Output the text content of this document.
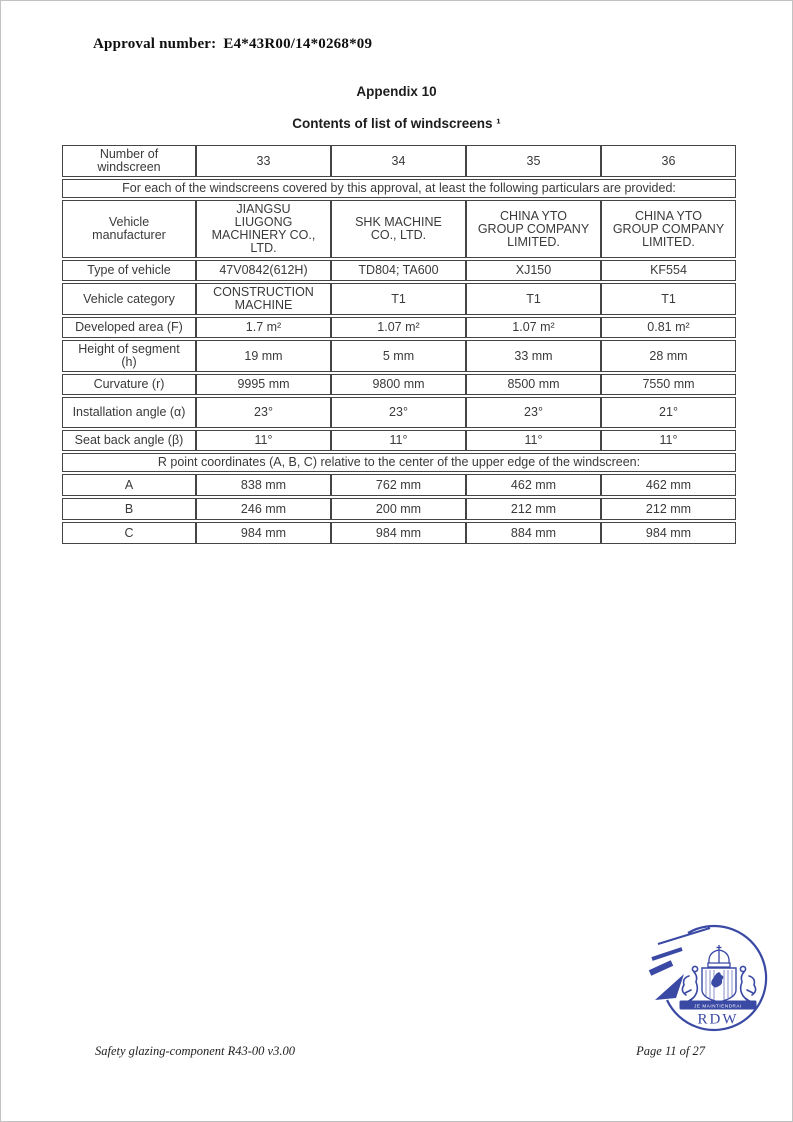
Approval number: E4*43R00/14*0268*09
Appendix 10
Contents of list of windscreens ¹
Number of windscreen	33	34	35	36
For each of the windscreens covered by this approval, at least the following particulars are provided:				
Vehicle manufacturer	JIANGSU LIUGONG MACHINERY CO., LTD.	SHK MACHINE CO., LTD.	CHINA YTO GROUP COMPANY LIMITED.	CHINA YTO GROUP COMPANY LIMITED.
Type of vehicle	47V0842(612H)	TD804; TA600	XJ150	KF554
Vehicle category	CONSTRUCTION MACHINE	T1	T1	T1
Developed area (F)	1.7 m²	1.07 m²	1.07 m²	0.81 m²
Height of segment (h)	19 mm	5 mm	33 mm	28 mm
Curvature (r)	9995 mm	9800 mm	8500 mm	7550 mm
Installation angle (α)	23°	23°	23°	21°
Seat back angle (β)	11°	11°	11°	11°
R point coordinates (A, B, C) relative to the center of the upper edge of the windscreen:				
A	838 mm	762 mm	462 mm	462 mm
B	246 mm	200 mm	212 mm	212 mm
C	984 mm	984 mm	884 mm	984 mm
JE MAINTIENDRAI
RDW
Safety glazing-component R43-00 v3.00	Page 11 of 27
